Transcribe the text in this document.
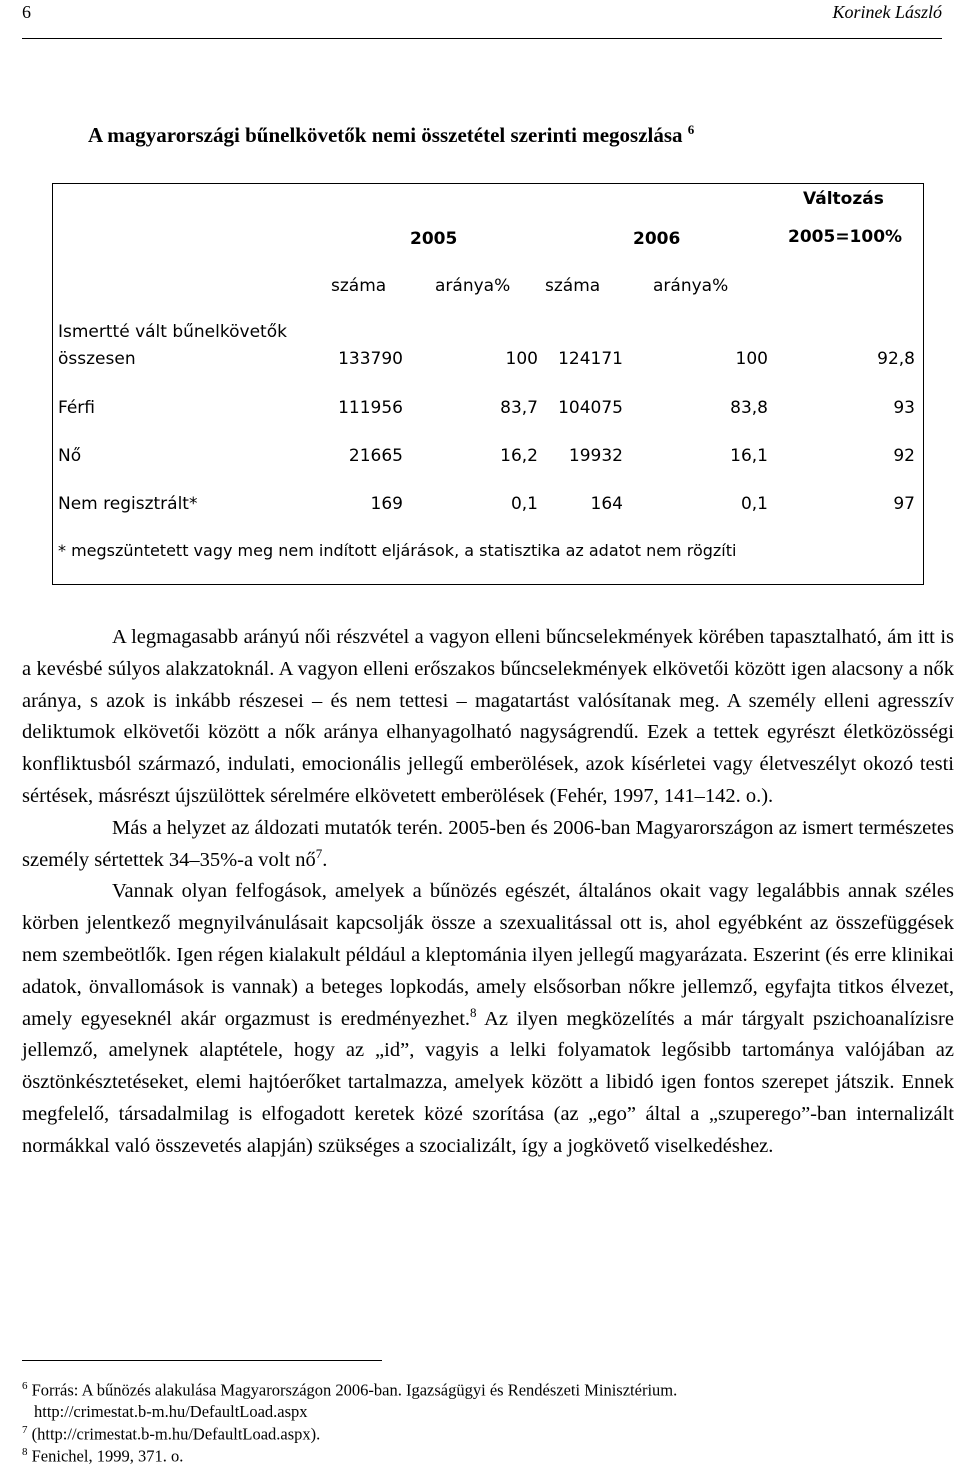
6	Korinek László
A magyarországi bűnelkövetők nemi összetétel szerinti megoszlása $^6$
Változás
2005=100%
2005	2006
száma	aránya% száma	aránya%
Ismertté vált bűnelkövetők
összesen	133790	100	124171	100	92,8
Férfi	111956	83,7	104075	83,8	93
Nő	21665	16,2	19932	16,1	92
Nem regisztrált*	169	0,1	164	0,1	97
* megszüntetett vagy meg nem indított eljárások, a statisztika az adatot nem rögzíti

A legmagasabb arányú női részvétel a vagyon elleni bűncselekmények körében tapasztalható, ám itt is a kevésbé súlyos alakzatoknál. A vagyon elleni erőszakos bűncselekmények elkövetői között igen alacsony a nők aránya, s azok is inkább részesei – és nem tettesi – magatartást valósítanak meg. A személy elleni agresszív deliktumok elkövetői között a nők aránya elhanyagolható nagyságrendű. Ezek a tettek egyrészt életközösségi konfliktusból származó, indulati, emocionális jellegű emberölések, azok kísérletei vagy életveszélyt okozó testi sértések, másrészt újszülöttek sérelmére elkövetett emberölések (Fehér, 1997, 141–142. o.).

Más a helyzet az áldozati mutatók terén. 2005-ben és 2006-ban Magyarországon az ismert természetes személy sértettek 34–35%-a volt $nő^7$.

Vannak olyan felfogások, amelyek a bűnözés egészét, általános okait vagy legalábbis annak széles körben jelentkező megnyilvánulásait kapcsolják össze a szexualitással ott is, ahol egyébként az összefüggések nem szembeötlők. Igen régen kialakult például a kleptománia ilyen jellegű magyarázata. Eszerint (és erre klinikai adatok, önvallomások is vannak) a beteges lopkodás, amely elsősorban nőkre jellemző, egyfajta titkos élvezet, amely egyeseknél akár orgazmust is eredményezhet.$^8$ Az ilyen megközelítés a már tárgyalt pszichoanalízisre jellemző, amelynek alaptétele, hogy az „id”, vagyis a lelki folyamatok legősibb tartománya valójában az ösztönkésztetéseket, elemi hajtóerőket tartalmazza, amelyek között a libidó igen fontos szerepet játszik. Ennek megfelelő, társadalmilag is elfogadott keretek közé szorítása (az „ego” által a „szuperego”-ban internalizált normákkal való összevetés alapján) szükséges a szocializált, így a jogkövető viselkedéshez.

$^6$ Forrás: A bűnözés alakulása Magyarországon 2006-ban. Igazságügyi és Rendészeti Minisztérium.
http://crimestat.b-m.hu/DefaultLoad.aspx
$^7$ (http://crimestat.b-m.hu/DefaultLoad.aspx).
$^8$ Fenichel, 1999, 371. o.
